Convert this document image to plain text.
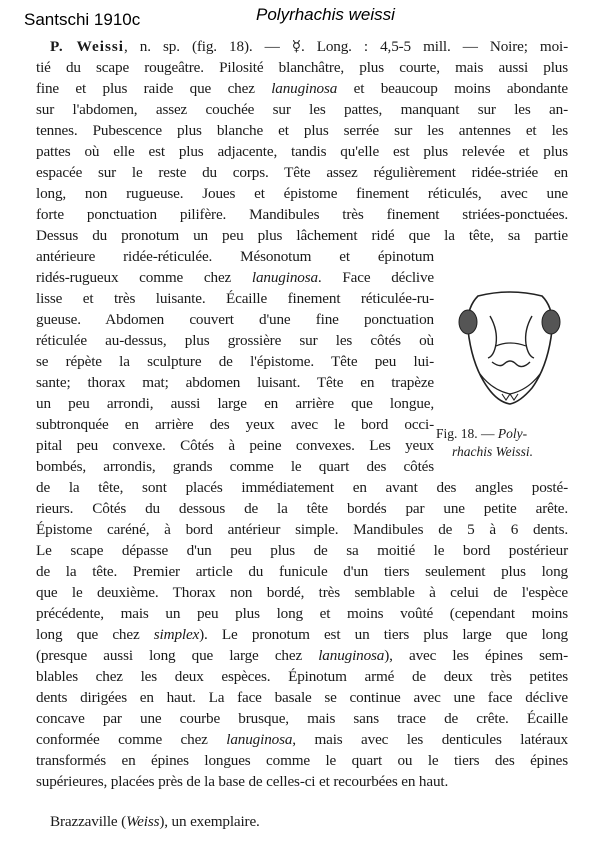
Santschi 1910c	Polyrhachis weissi
P. Weissi, n. sp. (fig. 18). — ☿. Long. : 4,5-5 mill. — Noire; moi-
tié du scape rougeâtre. Pilosité blanchâtre, plus courte, mais aussi plus
fine et plus raide que chez lanuginosa et beaucoup moins abondante
sur l'abdomen, assez couchée sur les pattes, manquant sur les an-
tennes. Pubescence plus blanche et plus serrée sur les antennes et les
pattes où elle est plus adjacente, tandis qu'elle est plus relevée et plus
espacée sur le reste du corps. Tête assez régulièrement ridée-striée en
long, non rugueuse. Joues et épistome finement réticulés, avec une
forte ponctuation pilifère. Mandibules très finement striées-ponctuées.
Dessus du pronotum un peu plus lâchement ridé que la tête, sa partie
antérieure ridée-réticulée. Mésonotum et épinotum
ridés-rugueux comme chez lanuginosa. Face déclive
lisse et très luisante. Écaille finement réticulée-ru-
gueuse. Abdomen couvert d'une fine ponctuation
réticulée au-dessus, plus grossière sur les côtés où
se répète la sculpture de l'épistome. Tête peu lui-
sante; thorax mat; abdomen luisant. Tête en trapèze
un peu arrondi, aussi large en arrière que longue,
subtronquée en arrière des yeux avec le bord occi-
pital peu convexe. Côtés à peine convexes. Les yeux
bombés, arrondis, grands comme le quart des côtés
de la tête, sont placés immédiatement en avant des angles posté-
rieurs. Côtés du dessous de la tête bordés par une petite arête.
Épistome caréné, à bord antérieur simple. Mandibules de 5 à 6 dents.
Le scape dépasse d'un peu plus de sa moitié le bord postérieur
de la tête. Premier article du funicule d'un tiers seulement plus long
que le deuxième. Thorax non bordé, très semblable à celui de l'espèce
précédente, mais un peu plus long et moins voûté (cependant moins
long que chez simplex). Le pronotum est un tiers plus large que long
(presque aussi long que large chez lanuginosa), avec les épines sem-
blables chez les deux espèces. Épinotum armé de deux très petites
dents dirigées en haut. La face basale se continue avec une face déclive
concave par une courbe brusque, mais sans trace de crête. Écaille
conformée comme chez lanuginosa, mais avec les denticules latéraux
transformés en épines longues comme le quart ou le tiers des épines
supérieures, placées près de la base de celles-ci et recourbées en haut.
Brazzaville (Weiss), un exemplaire.
Fig. 18. — Poly-
rhachis Weissi.
